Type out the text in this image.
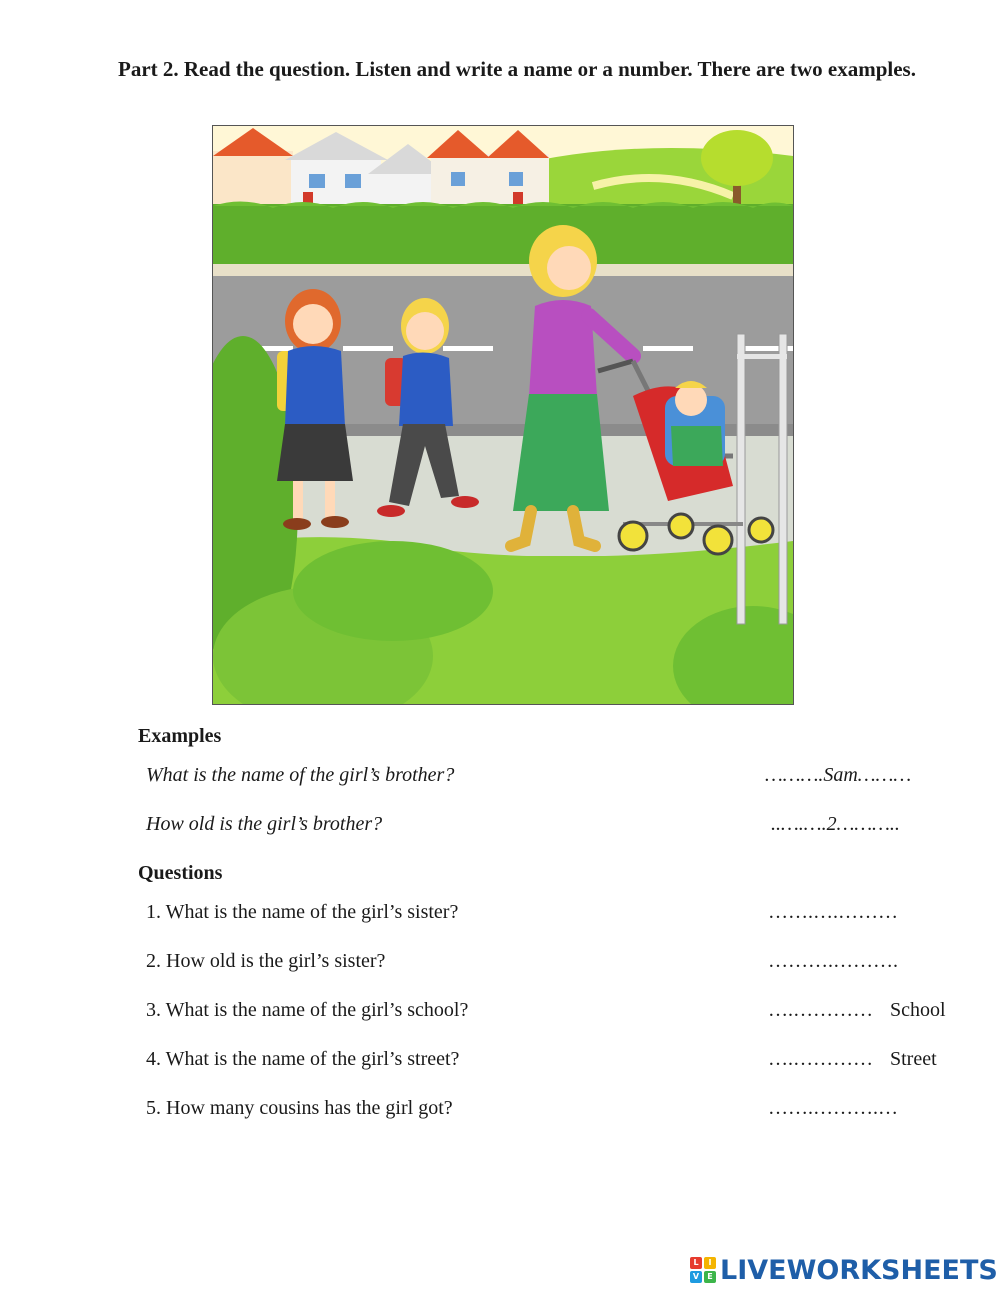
Part 2. Read the question. Listen and write a name or a number. There are two examples.
Examples
What is the name of the girl’s brother?	……….Sam………
How old is the girl’s brother?	..….….2………..
Questions
1. What is the name of the girl’s sister?	…….….………
2. How old is the girl’s sister?	……….……….
3. What is the name of the girl’s school?	….………… School
4. What is the name of the girl’s street?	….………… Street
5. How many cousins has the girl got?	…….……….…
L	I
V	E LIVEWORKSHEETS
